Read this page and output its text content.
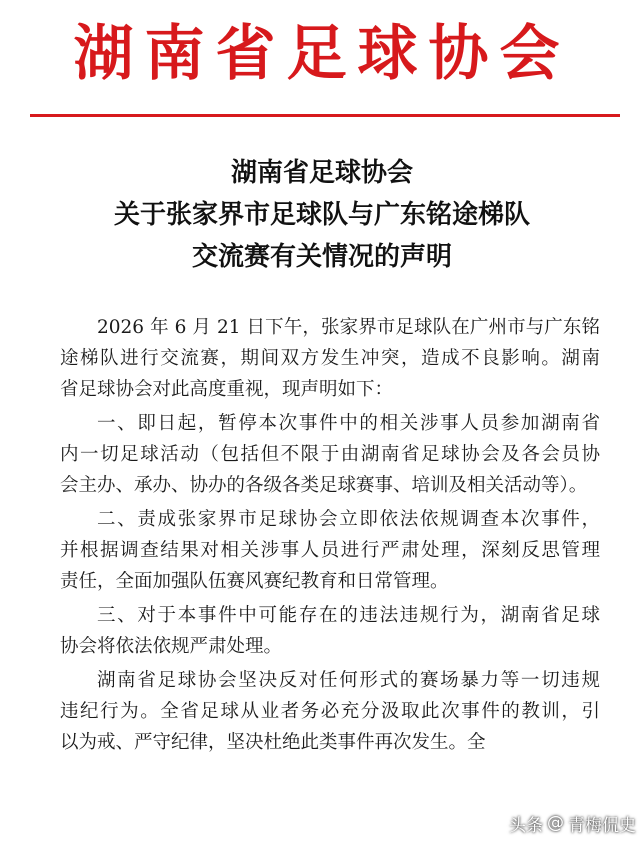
湖南省足球协会
湖南省足球协会
关于张家界市足球队与广东铭途梯队
交流赛有关情况的声明
2026 年 6 月 21 日下午，张家界市足球队在广州市与广东铭
途梯队进行交流赛，期间双方发生冲突，造成不良影响。湖南
省足球协会对此高度重视，现声明如下：
一、即日起，暂停本次事件中的相关涉事人员参加湖南省
内一切足球活动（包括但不限于由湖南省足球协会及各会员协
会主办、承办、协办的各级各类足球赛事、培训及相关活动等）。
二、责成张家界市足球协会立即依法依规调查本次事件，
并根据调查结果对相关涉事人员进行严肃处理，深刻反思管理
责任，全面加强队伍赛风赛纪教育和日常管理。
三、对于本事件中可能存在的违法违规行为，湖南省足球
协会将依法依规严肃处理。
湖南省足球协会坚决反对任何形式的赛场暴力等一切违规
违纪行为。全省足球从业者务必充分汲取此次事件的教训，引
以为戒、严守纪律，坚决杜绝此类事件再次发生。全
头条 @ 青梅侃史
